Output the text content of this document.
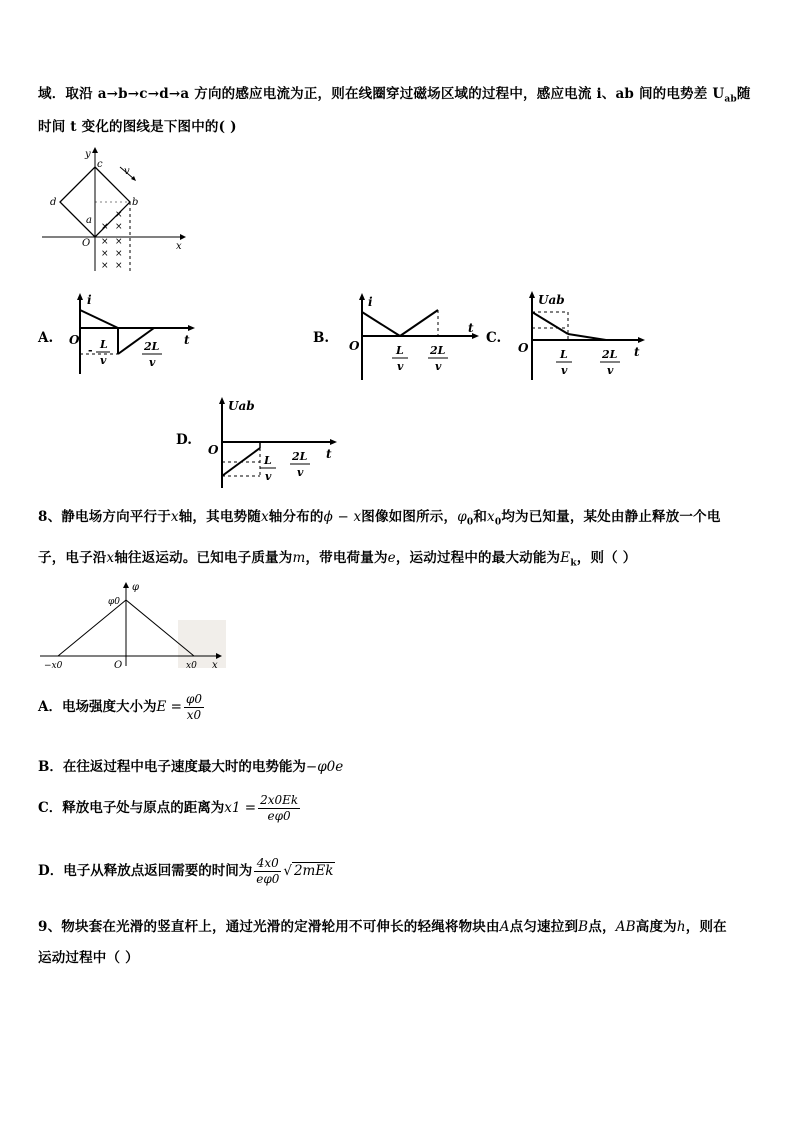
域．取沿 a→b→c→d→a 方向的感应电流为正，则在线圈穿过磁场区域的过程中，感应电流 i、ab 间的电势差 $U_{ab}$随
时间 t 变化的图线是下图中的( )
y
x
O
c
d	b
a
v
×
×
×
× ×
× ×
× ×
A.
i
t
O
- L
v
2L
v
B.
i
t
O	L
v
2L
v
C.
Uab
t
O	L
v
2L
v
D.
Uab
t
O
L
v
2L
v
8、静电场方向平行于x轴，其电势随x轴分布的ϕ − x图像如图所示，$\varphi_0$和$x_0$均为已知量，某处由静止释放一个电
子，电子沿x轴往返运动。已知电子质量为m，带电荷量为e，运动过程中的最大动能为$E_k$，则（ ）
φ
φ0
−x0	O	x0 x
A．电场强度大小为$E = \frac{\varphi 0}{x0}$
B．在往返过程中电子速度最大时的电势能为−φ0e
C．释放电子处与原点的距离为$x1 = \frac{2x0Ek}{e\varphi 0}$
D．电子从释放点返回需要的时间为 $\frac{4x0}{e\varphi 0}$ √ 2mEk
9、物块套在光滑的竖直杆上，通过光滑的定滑轮用不可伸长的轻绳将物块由A点匀速拉到B点，AB高度为h，则在
运动过程中（ ）
